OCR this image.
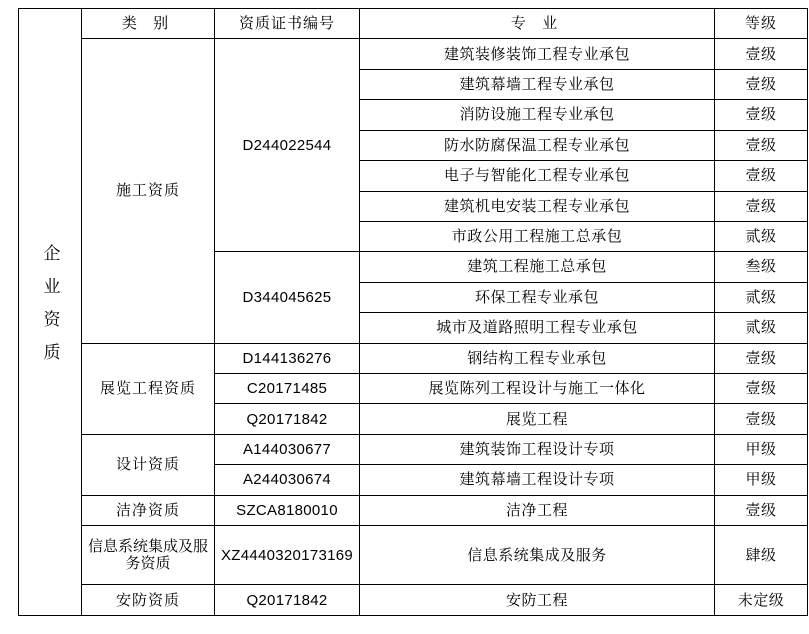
企业资质	类 别	资质证书编号	专 业	等级
	施工资质	D244022544	建筑装修装饰工程专业承包	壹级
			建筑幕墙工程专业承包	壹级
			消防设施工程专业承包	壹级
			防水防腐保温工程专业承包	壹级
			电子与智能化工程专业承包	壹级
			建筑机电安装工程专业承包	壹级
			市政公用工程施工总承包	贰级
		D344045625	建筑工程施工总承包	叁级
			环保工程专业承包	贰级
			城市及道路照明工程专业承包	贰级
	展览工程资质	D144136276	钢结构工程专业承包	壹级
		C20171485	展览陈列工程设计与施工一体化	壹级
		Q20171842	展览工程	壹级
	设计资质	A144030677	建筑装饰工程设计专项	甲级
		A244030674	建筑幕墙工程设计专项	甲级
	洁净资质	SZCA8180010	洁净工程	壹级
	信息系统集成及服务资质	XZ4440320173169	信息系统集成及服务	肆级
	安防资质	Q20171842	安防工程	未定级
